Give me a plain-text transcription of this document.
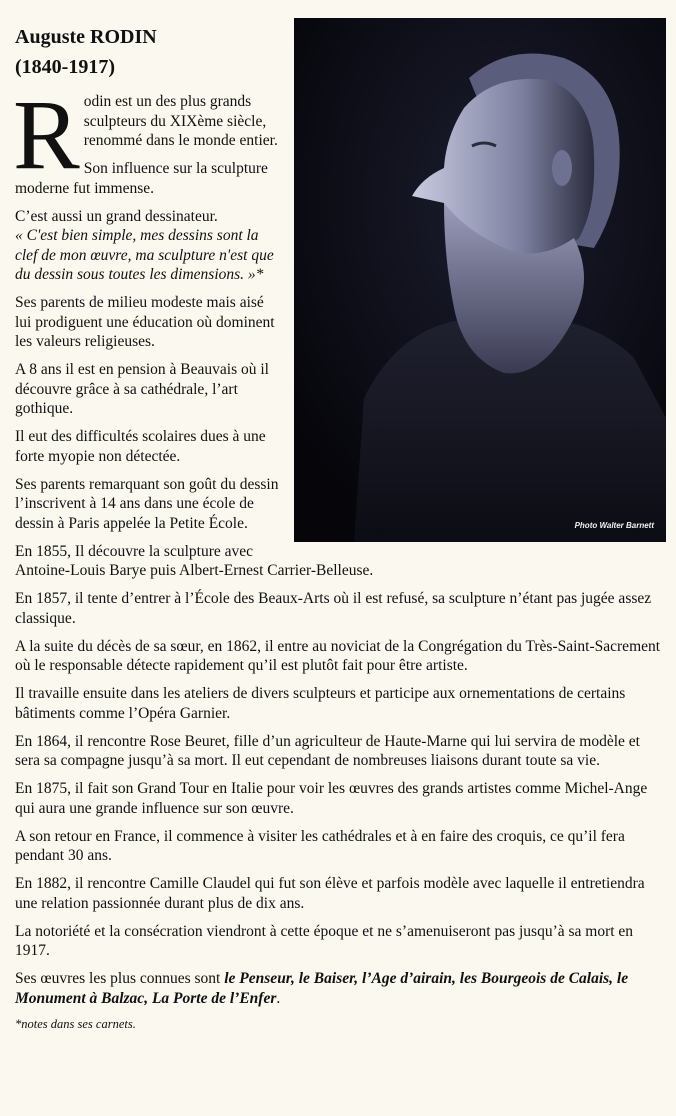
Photo Walter Barnett
Auguste RODIN
(1840-1917)

Rodin est un des plus grands sculpteurs du XIXème siècle, renommé dans le monde entier.

Son influence sur la sculpture moderne fut immense.

C’est aussi un grand dessinateur.
« C'est bien simple, mes dessins sont la clef de mon œuvre, ma sculpture n'est que du dessin sous toutes les dimensions. »*

Ses parents de milieu modeste mais aisé lui prodiguent une éducation où dominent les valeurs religieuses.

A 8 ans il est en pension à Beauvais où il découvre grâce à sa cathédrale, l’art gothique.

Il eut des difficultés scolaires dues à une forte myopie non détectée.

Ses parents remarquant son goût du dessin l’inscrivent à 14 ans dans une école de dessin à Paris appelée la Petite École.

En 1855, Il découvre la sculpture avec Antoine-Louis Barye puis Albert-Ernest Carrier-Belleuse.

En 1857, il tente d’entrer à l’École des Beaux-Arts où il est refusé, sa sculpture n’étant pas jugée assez classique.

A la suite du décès de sa sœur, en 1862, il entre au noviciat de la Congrégation du Très-Saint-Sacrement où le responsable détecte rapidement qu’il est plutôt fait pour être artiste.

Il travaille ensuite dans les ateliers de divers sculpteurs et participe aux ornementations de certains bâtiments comme l’Opéra Garnier.

En 1864, il rencontre Rose Beuret, fille d’un agriculteur de Haute-Marne qui lui servira de modèle et sera sa compagne jusqu’à sa mort. Il eut cependant de nombreuses liaisons durant toute sa vie.

En 1875, il fait son Grand Tour en Italie pour voir les œuvres des grands artistes comme Michel-Ange qui aura une grande influence sur son œuvre.

A son retour en France, il commence à visiter les cathédrales et à en faire des croquis, ce qu’il fera pendant 30 ans.

En 1882, il rencontre Camille Claudel qui fut son élève et parfois modèle avec laquelle il entretiendra une relation passionnée durant plus de dix ans.

La notoriété et la consécration viendront à cette époque et ne s’amenuiseront pas jusqu’à sa mort en 1917.

Ses œuvres les plus connues sont le Penseur, le Baiser, l’Age d’airain, les Bourgeois de Calais, le Monument à Balzac, La Porte de l’Enfer.

*notes dans ses carnets.
